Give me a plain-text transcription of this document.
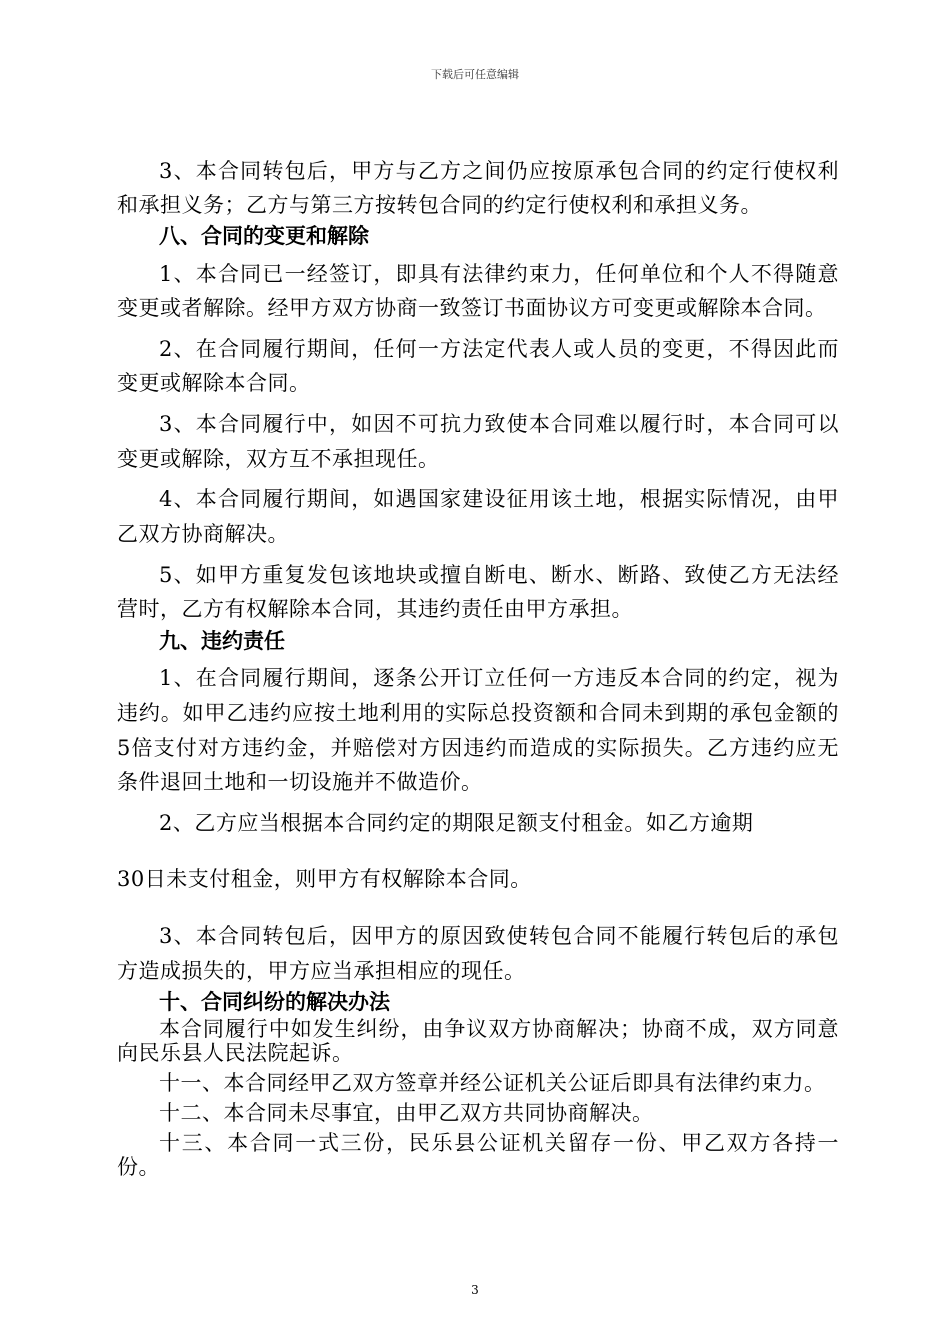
下载后可任意编辑

3、本合同转包后，甲方与乙方之间仍应按原承包合同的约定行使权利和承担义务；乙方与第三方按转包合同的约定行使权利和承担义务。

八、合同的变更和解除

1、本合同已一经签订，即具有法律约束力，任何单位和个人不得随意变更或者解除。经甲方双方协商一致签订书面协议方可变更或解除本合同。

2、在合同履行期间，任何一方法定代表人或人员的变更，不得因此而变更或解除本合同。

3、本合同履行中，如因不可抗力致使本合同难以履行时，本合同可以变更或解除，双方互不承担现任。

4、本合同履行期间，如遇国家建设征用该土地，根据实际情况，由甲乙双方协商解决。

5、如甲方重复发包该地块或擅自断电、断水、断路、致使乙方无法经营时，乙方有权解除本合同，其违约责任由甲方承担。

九、违约责任

1、在合同履行期间，逐条公开订立任何一方违反本合同的约定，视为违约。如甲乙违约应按土地利用的实际总投资额和合同未到期的承包金额的5倍支付对方违约金，并赔偿对方因违约而造成的实际损失。乙方违约应无条件退回土地和一切设施并不做造价。

2、乙方应当根据本合同约定的期限足额支付租金。如乙方逾期

30日未支付租金，则甲方有权解除本合同。

3、本合同转包后，因甲方的原因致使转包合同不能履行转包后的承包方造成损失的，甲方应当承担相应的现任。

十、合同纠纷的解决办法

本合同履行中如发生纠纷，由争议双方协商解决；协商不成，双方同意向民乐县人民法院起诉。

十一、本合同经甲乙双方签章并经公证机关公证后即具有法律约束力。

十二、本合同未尽事宜，由甲乙双方共同协商解决。

十三、本合同一式三份，民乐县公证机关留存一份、甲乙双方各持一份。

3
